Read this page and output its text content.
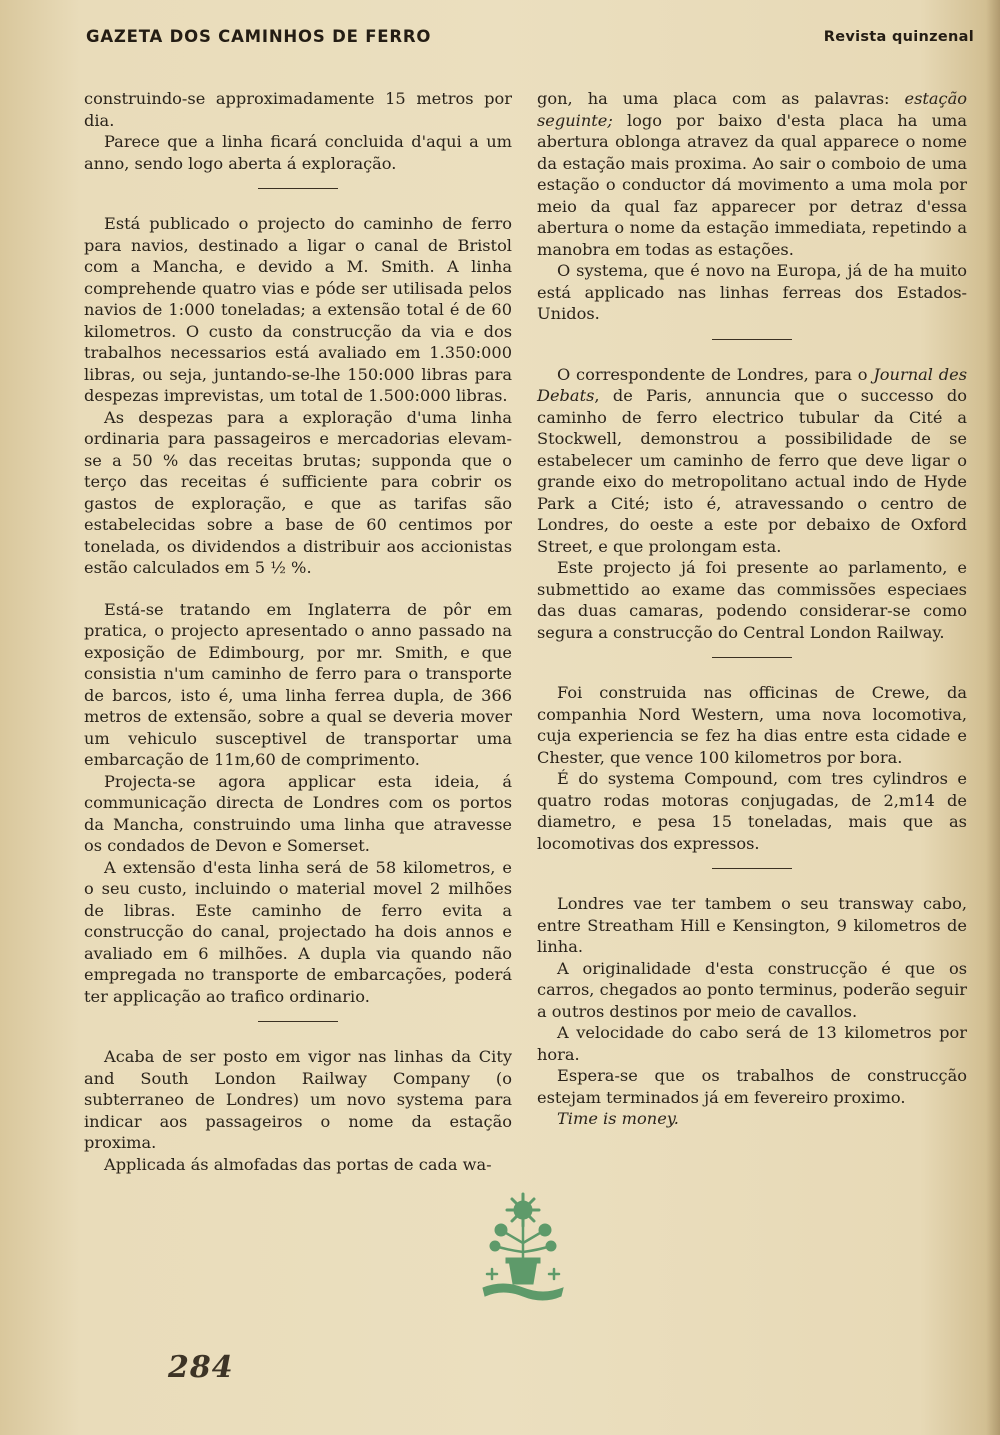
GAZETA DOS CAMINHOS DE FERRO	Revista quinzenal

construindo-se approximadamente 15 metros por dia.

Parece que a linha ficará concluida d'aqui a um anno, sendo logo aberta á exploração.

Está publicado o projecto do caminho de ferro para navios, destinado a ligar o canal de Bristol com a Mancha, e devido a M. Smith. A linha comprehende quatro vias e póde ser utilisada pelos navios de 1:000 toneladas; a extensão total é de 60 kilometros. O custo da construcção da via e dos trabalhos necessarios está avaliado em 1.350:000 libras, ou seja, juntando-se-lhe 150:000 libras para despezas imprevistas, um total de 1.500:000 libras.

As despezas para a exploração d'uma linha ordinaria para passageiros e mercadorias elevam-se a 50 % das receitas brutas; supponda que o terço das receitas é sufficiente para cobrir os gastos de exploração, e que as tarifas são estabelecidas sobre a base de 60 centimos por tonelada, os dividendos a distribuir aos accionistas estão calculados em 5 ½ %.

Está-se tratando em Inglaterra de pôr em pratica, o projecto apresentado o anno passado na exposição de Edimbourg, por mr. Smith, e que consistia n'um caminho de ferro para o transporte de barcos, isto é, uma linha ferrea dupla, de 366 metros de extensão, sobre a qual se deveria mover um vehiculo susceptivel de transportar uma embarcação de 11m,60 de comprimento.

Projecta-se agora applicar esta ideia, á communicação directa de Londres com os portos da Mancha, construindo uma linha que atravesse os condados de Devon e Somerset.

A extensão d'esta linha será de 58 kilometros, e o seu custo, incluindo o material movel 2 milhões de libras. Este caminho de ferro evita a construcção do canal, projectado ha dois annos e avaliado em 6 milhões. A dupla via quando não empregada no transporte de embarcações, poderá ter applicação ao trafico ordinario.

Acaba de ser posto em vigor nas linhas da City and South London Railway Company (o subterraneo de Londres) um novo systema para indicar aos passageiros o nome da estação proxima.

Applicada ás almofadas das portas de cada wa-

gon, ha uma placa com as palavras: estação seguinte; logo por baixo d'esta placa ha uma abertura oblonga atravez da qual apparece o nome da estação mais proxima. Ao sair o comboio de uma estação o conductor dá movimento a uma mola por meio da qual faz apparecer por detraz d'essa abertura o nome da estação immediata, repetindo a manobra em todas as estações.

O systema, que é novo na Europa, já de ha muito está applicado nas linhas ferreas dos Estados-Unidos.

O correspondente de Londres, para o Journal des Debats, de Paris, annuncia que o successo do caminho de ferro electrico tubular da Cité a Stockwell, demonstrou a possibilidade de se estabelecer um caminho de ferro que deve ligar o grande eixo do metropolitano actual indo de Hyde Park a Cité; isto é, atravessando o centro de Londres, do oeste a este por debaixo de Oxford Street, e que prolongam esta.

Este projecto já foi presente ao parlamento, e submettido ao exame das commissões especiaes das duas camaras, podendo considerar-se como segura a construcção do Central London Railway.

Foi construida nas officinas de Crewe, da companhia Nord Western, uma nova locomotiva, cuja experiencia se fez ha dias entre esta cidade e Chester, que vence 100 kilometros por bora.

É do systema Compound, com tres cylindros e quatro rodas motoras conjugadas, de 2,m14 de diametro, e pesa 15 toneladas, mais que as locomotivas dos expressos.

Londres vae ter tambem o seu transway cabo, entre Streatham Hill e Kensington, 9 kilometros de linha.

A originalidade d'esta construcção é que os carros, chegados ao ponto terminus, poderão seguir a outros destinos por meio de cavallos.

A velocidade do cabo será de 13 kilometros por hora.

Espera-se que os trabalhos de construcção estejam terminados já em fevereiro proximo.

Time is money.

284
